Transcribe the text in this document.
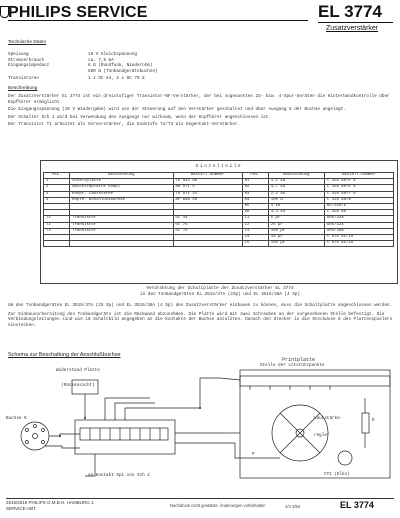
PHILIPS SERVICE	EL 3774
Zusatzverstärker
Technische Daten
Speisung	15 V Gleichspannung
Stromverbrauch	ca. 7,5 mA
Eingangsimpedanz	8 Ω (Rundfunk, Niederohm)
500 Ω (Tonbandgerätebuchse)
Transistoren	1 x OC 44, 2 x OC 75 Z
Beschreibung
Der Zusatzverstärker EL 3774 ist ein dreistufiger Transistor-NF-Verstärker, der bei sogenannten 2S- bzw. 4-Spur-Geräten die Hinterbandkontrolle über Kopfhörer ermöglicht.
Die Eingangsspannung (10 V Wiedergabe) wird von der Steuerung auf den Verstärker geschaltet und über Ausgang 8 der Buchse angelegt.
Der Schalter Sch 1 wird bei Verwendung des Ausgangs nur wirksam, wenn der Kopfhörer angeschlossen ist.
Der Transistor T1 arbeitet als Vorverstärker, die Endstufe T2/T3 als Gegentakt-Verstärker.
Einzelteile
Pos.	Bezeichnung	Bestell-Nummer	Pos.	Bezeichnung	Bestell-Nummer
1	Schaltplatte	TK 945 96	R1	1,5 kΩ	C 426 AR/E 6
2	Abschirmplatte kompl.	AN 071 5	R2	4,7 kΩ	C 426 AR/E 6
3	Knopf, Lautstärke	TK 071 21	R3	2,2 kΩ	C 426 AR/F 6
4	Kopfh. Anschlussbuchse	AP 068 56	R4	100 Ω	C 426 AR/B
			R5	1 kΩ	BZ/190/E
			R6	3,3 kΩ	C 426 AR
T1	Transistor	OC 44	C1	5 µF	905/32a
T2	Transistor	OC 75	C2	25 µF	905/32a
T3	Transistor	OC 75	C3	100 µF	905/36a
			C4	10 µF	C 070 AE/10
			C5	100 µF	C 070 AE/10
Verdrahtung der Schaltplatte der Zusatzverstärker EL 3774
in den Tonbandgeräten EL 3515/37A (2Sp) und EL 3516/38A (4 Sp)
Um den Tonbandgeräten EL 3515/37A (2S Sp) und EL 3516/38A (4 Sp) den Zusatzverstärker einbauen zu können, muss die Schaltplatte angeschlossen werden.
Zur Einbauvorbereitung des Tonbandgeräts ist die Rückwand abzunehmen. Die Platte wird mit zwei Schrauben an der vorgesehenen Stelle befestigt. Die Verbindungsleitungen sind wie im Schaltbild angegeben an die Kontakte der Buchse anzulöten. Danach den Stecker in die Steckdose 8 des Plattenspielers einstecken.
Schema zur Beschaltung der Anschlußbuchse

Widerstand Platte

(Rückansicht)

Buchse 6
an Kontakt Spi von Sch 2
Printplatte
Stelle der Lötstützpunkte

Lautstärke-

regler

CT1 (Elko)
R
P
2515/2516 PHILIPS G.M.B.H. HAMBURG 1
SERVICE-ABT.
Nachdruck nicht gestattet. Änderungen vorbehalten	4/4 2/64	EL 3774
